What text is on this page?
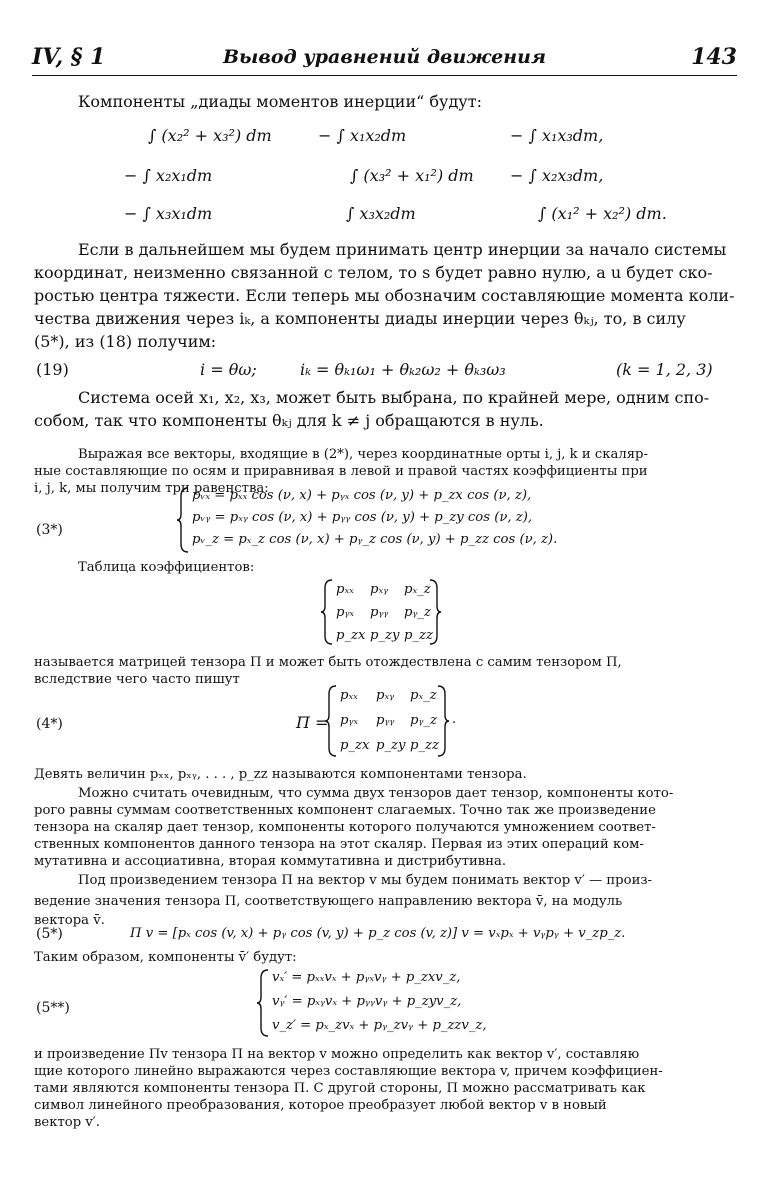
IV, § 1	Вывод уравнений движения	143
Компоненты „диады моментов инерции“ будут:
∫ (x₂² + x₃²) dm	− ∫ x₁x₂dm	− ∫ x₁x₃dm,
− ∫ x₂x₁dm	∫ (x₃² + x₁²) dm − ∫ x₂x₃dm,
− ∫ x₃x₁dm	∫ x₃x₂dm	∫ (x₁² + x₂²) dm.
Если в дальнейшем мы будем принимать центр инерции за начало системы
координат, неизменно связанной с телом, то s будет равно нулю, а u будет ско-
ростью центра тяжести. Если теперь мы обозначим составляющие момента коли-
чества движения через iₖ, а компоненты диады инерции через θₖⱼ, то, в силу
(5*), из (18) получим:
(19)	i = θω;	iₖ = θₖ₁ω₁ + θₖ₂ω₂ + θₖ₃ω₃	(k = 1, 2, 3)
Система осей x₁, x₂, x₃, может быть выбрана, по крайней мере, одним спо-
собом, так что компоненты θₖⱼ для k ≠ j обращаются в нуль.
Выражая все векторы, входящие в (2*), через координатные орты i, j, k и скаляр-
ные составляющие по осям и приравнивая в левой и правой частях коэффициенты при
i, j, k, мы получим три равенства:
(3*)
pᵥₓ = pₓₓ cos (ν, x) + pᵧₓ cos (ν, y) + p_zx cos (ν, z),
pᵥᵧ = pₓᵧ cos (ν, x) + pᵧᵧ cos (ν, y) + p_zy cos (ν, z),
pᵥ_z = pₓ_z cos (ν, x) + pᵧ_z cos (ν, y) + p_zz cos (ν, z).
Таблица коэффициентов:
pₓₓ pₓᵧ pₓ_z
pᵧₓ pᵧᵧ pᵧ_z
p_zx p_zy p_zz
называется матрицей тензора П и может быть отождествлена с самим тензором П,
вследствие чего часто пишут
(4*)	П =	.
pₓₓ pₓᵧ pₓ_z
pᵧₓ pᵧᵧ pᵧ_z
p_zx p_zy p_zz
Девять величин pₓₓ, pₓᵧ, . . . , p_zz называются компонентами тензора.
Можно считать очевидным, что сумма двух тензоров дает тензор, компоненты кото-
рого равны суммам соответственных компонент слагаемых. Точно так же произведение
тензора на скаляр дает тензор, компоненты которого получаются умножением соответ-
ственных компонентов данного тензора на этот скаляр. Первая из этих операций ком-
мутативна и ассоциативна, вторая коммутативна и дистрибутивна.
Под произведением тензора П на вектор v мы будем понимать вектор v′ — произ-
ведение значения тензора П, соответствующего направлению вектора v̄, на модуль
вектора v̄.
(5*)	П v = [pₓ cos (v, x) + pᵧ cos (v, y) + p_z cos (v, z)] v = vₓpₓ + vᵧpᵧ + v_zp_z.
Таким образом, компоненты v̄′ будут:
(5**)
vₓ′ = pₓₓvₓ + pᵧₓvᵧ + p_zxv_z,
vᵧ′ = pₓᵧvₓ + pᵧᵧvᵧ + p_zyv_z,
v_z′ = pₓ_zvₓ + pᵧ_zvᵧ + p_zzv_z,
и произведение Пv тензора П на вектор v можно определить как вектор v′, составляю
щие которого линейно выражаются через составляющие вектора v, причем коэффициен-
тами являются компоненты тензора П. С другой стороны, П можно рассматривать как
символ линейного преобразования, которое преобразует любой вектор v в новый
вектор v′.
